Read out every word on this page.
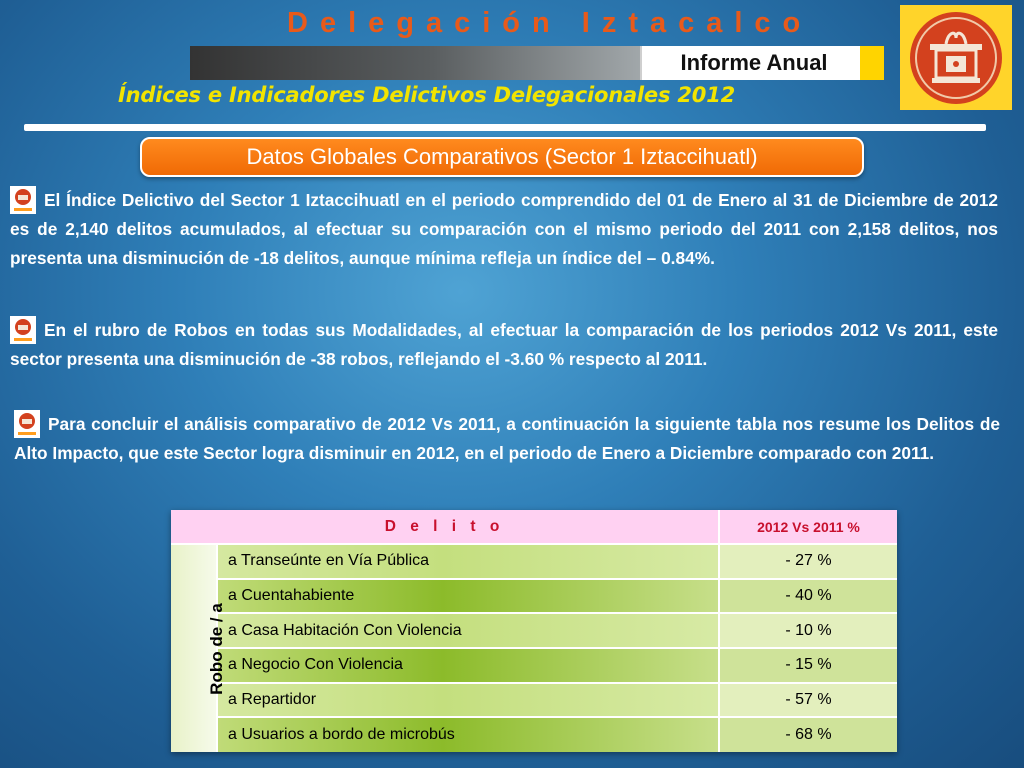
Delegación Iztacalco
Informe Anual
Índices e Indicadores Delictivos Delegacionales 2012
Datos Globales Comparativos (Sector 1 Iztaccihuatl)
El Índice Delictivo del Sector 1 Iztaccihuatl en el periodo comprendido del 01 de Enero al 31 de Diciembre de 2012 es de 2,140 delitos acumulados, al efectuar su comparación con el mismo periodo del 2011 con 2,158 delitos, nos presenta una disminución de -18 delitos, aunque mínima refleja un índice del – 0.84%.
En el rubro de Robos en todas sus Modalidades, al efectuar la comparación de los periodos 2012 Vs 2011, este sector presenta una disminución de -38 robos, reflejando el -3.60 % respecto al 2011.
Para concluir el análisis comparativo de 2012 Vs 2011, a continuación la siguiente tabla nos resume los Delitos de Alto Impacto, que este Sector logra disminuir en 2012, en el periodo de Enero a Diciembre comparado con 2011.
D e l i t o		2012 Vs 2011 %
Robo de / a	a Transeúnte en Vía Pública	- 27 %
	a Cuentahabiente	- 40 %
	a Casa Habitación Con Violencia	- 10 %
	a Negocio Con Violencia	- 15 %
	a Repartidor	- 57 %
	a Usuarios a bordo de microbús	- 68 %
